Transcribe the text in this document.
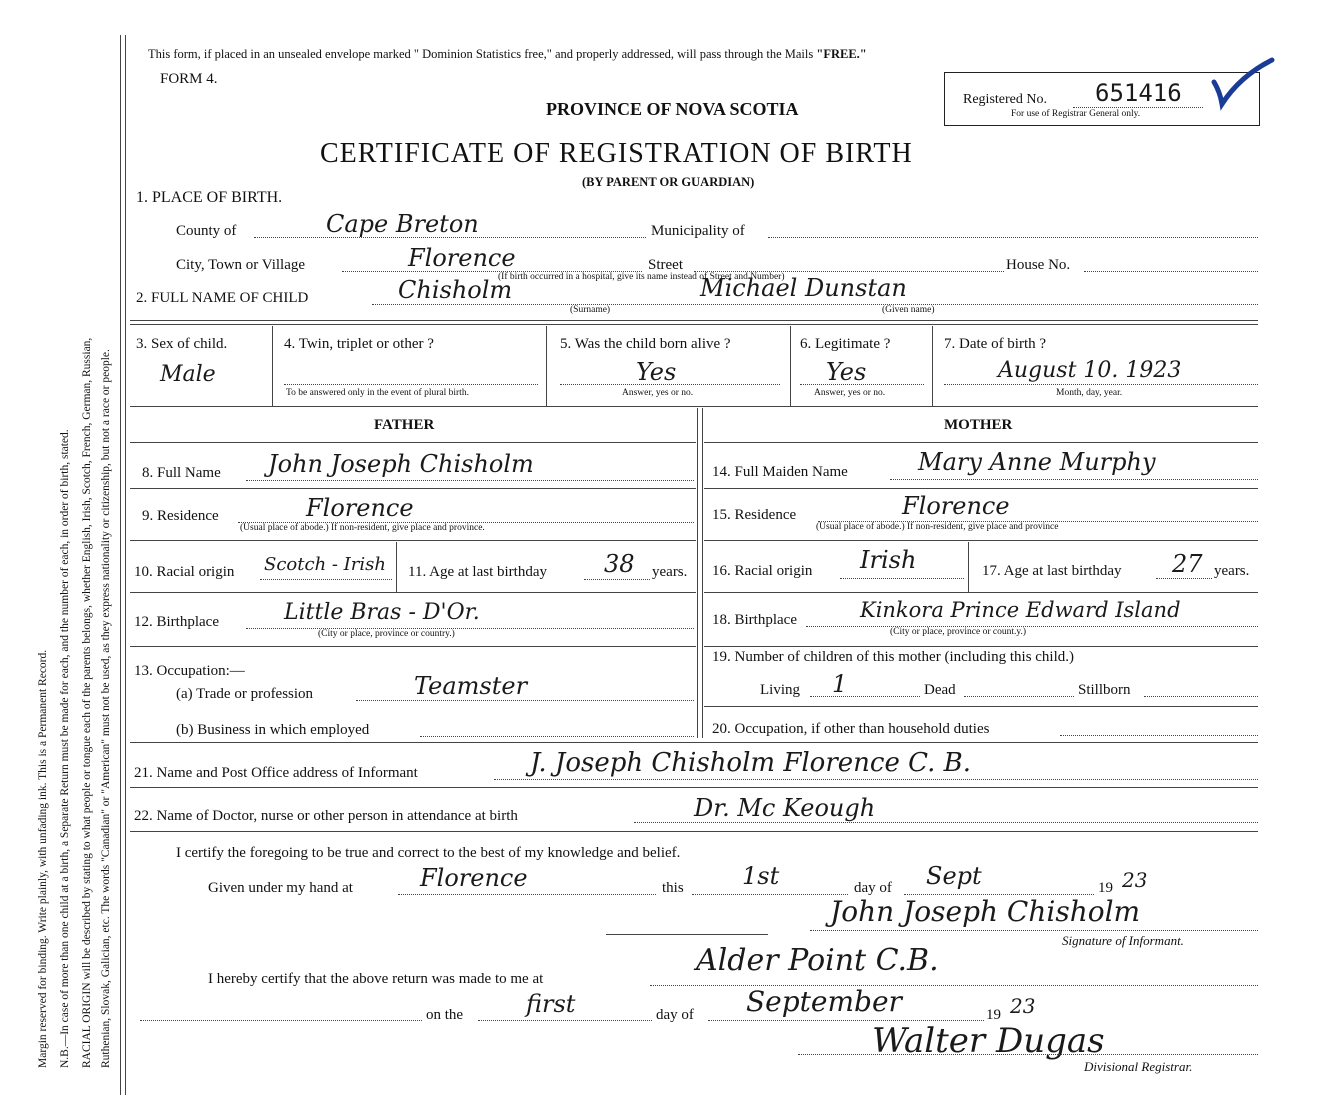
Margin reserved for binding. Write plainly, with unfading ink. This is a Permanent Record. N.B.—In case of more than one child at a birth, a Separate Return must be made for each, and the number of each, in order of birth, stated. RACIAL ORIGIN will be described by stating to what people or tongue each of the parents belongs, whether English, Irish, Scotch, French, German, Russian, Ruthenian, Slovak, Galician, etc. The words "Canadian" or "American" must not be used, as they express nationality or citizenship, but not a race or people.
This form, if placed in an unsealed envelope marked " Dominion Statistics free," and properly addressed, will pass through the Mails "FREE."
FORM 4.
PROVINCE OF NOVA SCOTIA	Registered No. 651416
For use of Registrar General only.
CERTIFICATE OF REGISTRATION OF BIRTH
(BY PARENT OR GUARDIAN)
1. PLACE OF BIRTH.
County of	Cape Breton	Municipality of
City, Town or Village	Florence	Street	House No.
(If birth occurred in a hospital, give its name instead of Street and Number)
2. FULL NAME OF CHILD	Chisholm	Michael Dunstan
(Surname)	(Given name)
3. Sex of child.
Male
4. Twin, triplet or other ?
To be answered only in the event of plural birth.
5. Was the child born alive ?
Yes
Answer, yes or no.
6. Legitimate ?
Yes
Answer, yes or no.
7. Date of birth ?
August 10. 1923
Month, day, year.
FATHER	MOTHER
8. Full Name John Joseph Chisholm
9. Residence	Florence
(Usual place of abode.) If non-resident, give place and province.
10. Racial origin Scotch - Irish 11. Age at last birthday 38 years.
12. Birthplace	Little Bras - D'Or.
(City or place, province or country.)
13. Occupation:—
(a) Trade or profession	Teamster
(b) Business in which employed
14. Full Maiden Name	Mary Anne Murphy
15. Residence	Florence
(Usual place of abode.) If non-resident, give place and province
16. Racial origin Irish	17. Age at last birthday 27 years.
18. Birthplace	Kinkora Prince Edward Island
(City or place, province or count.y.)
19. Number of children of this mother (including this child.)
Living 1	Dead	Stillborn
20. Occupation, if other than household duties
21. Name and Post Office address of Informant	J. Joseph Chisholm Florence C. B.
22. Name of Doctor, nurse or other person in attendance at birth	Dr. Mc Keough
I certify the foregoing to be true and correct to the best of my knowledge and belief.
Given under my hand at	Florence	this 1st	day of Sept	19 23
John Joseph Chisholm
Signature of Informant.
I hereby certify that the above return was made to me at
Alder Point C.B.
on the	first	day of September	19 23
Walter Dugas
Divisional Registrar.
